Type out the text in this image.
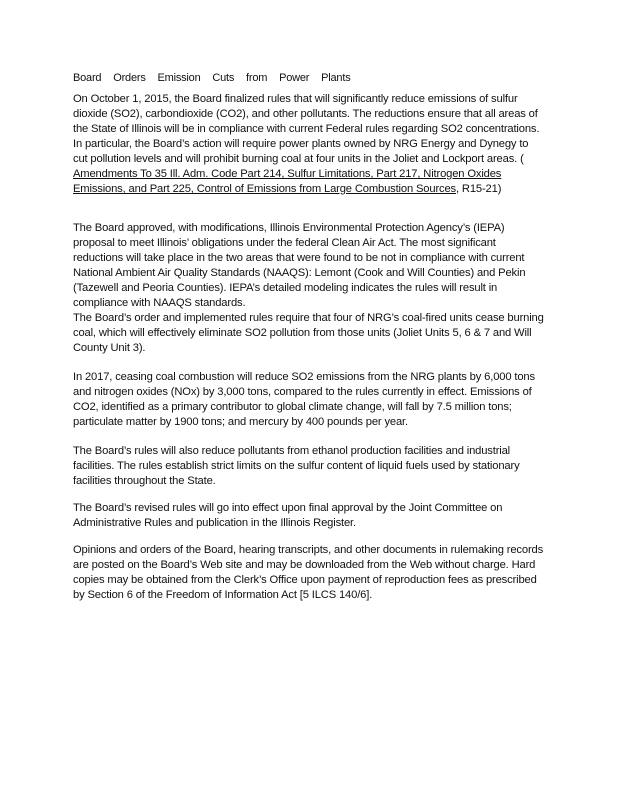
Board Orders Emission Cuts from Power Plants

On October 1, 2015, the Board finalized rules that will significantly reduce emissions of sulfur dioxide (SO2), carbondioxide (CO2), and other pollutants. The reductions ensure that all areas of the State of Illinois will be in compliance with current Federal rules regarding SO2 concentrations. In particular, the Board’s action will require power plants owned by NRG Energy and Dynegy to cut pollution levels and will prohibit burning coal at four units in the Joliet and Lockport areas. ( Amendments To 35 Ill. Adm. Code Part 214, Sulfur Limitations, Part 217, Nitrogen Oxides Emissions, and Part 225, Control of Emissions from Large Combustion Sources, R15-21)

The Board approved, with modifications, Illinois Environmental Protection Agency’s (IEPA) proposal to meet Illinois’ obligations under the federal Clean Air Act. The most significant reductions will take place in the two areas that were found to be not in compliance with current National Ambient Air Quality Standards (NAAQS): Lemont (Cook and Will Counties) and Pekin (Tazewell and Peoria Counties). IEPA’s detailed modeling indicates the rules will result in compliance with NAAQS standards.

The Board’s order and implemented rules require that four of NRG’s coal-fired units cease burning coal, which will effectively eliminate SO2 pollution from those units (Joliet Units 5, 6 & 7 and Will County Unit 3).

In 2017, ceasing coal combustion will reduce SO2 emissions from the NRG plants by 6,000 tons and nitrogen oxides (NOx) by 3,000 tons, compared to the rules currently in effect. Emissions of CO2, identified as a primary contributor to global climate change, will fall by 7.5 million tons; particulate matter by 1900 tons; and mercury by 400 pounds per year.

The Board’s rules will also reduce pollutants from ethanol production facilities and industrial facilities. The rules establish strict limits on the sulfur content of liquid fuels used by stationary facilities throughout the State.

The Board’s revised rules will go into effect upon final approval by the Joint Committee on Administrative Rules and publication in the Illinois Register.

Opinions and orders of the Board, hearing transcripts, and other documents in rulemaking records are posted on the Board’s Web site and may be downloaded from the Web without charge. Hard copies may be obtained from the Clerk’s Office upon payment of reproduction fees as prescribed by Section 6 of the Freedom of Information Act [5 ILCS 140/6].
